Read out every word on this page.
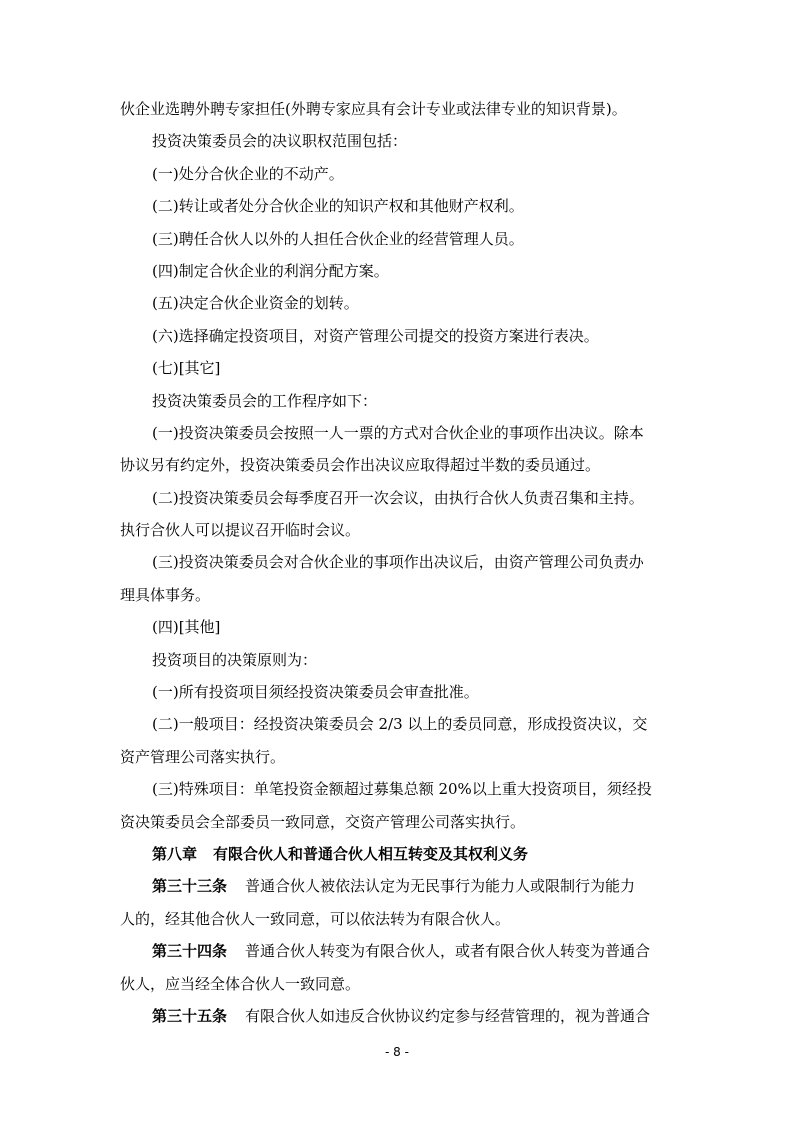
伙企业选聘外聘专家担任(外聘专家应具有会计专业或法律专业的知识背景)。
投资决策委员会的决议职权范围包括：
(一)处分合伙企业的不动产。
(二)转让或者处分合伙企业的知识产权和其他财产权利。
(三)聘任合伙人以外的人担任合伙企业的经营管理人员。
(四)制定合伙企业的利润分配方案。
(五)决定合伙企业资金的划转。
(六)选择确定投资项目，对资产管理公司提交的投资方案进行表决。
(七)[其它]
投资决策委员会的工作程序如下：
(一)投资决策委员会按照一人一票的方式对合伙企业的事项作出决议。除本
协议另有约定外，投资决策委员会作出决议应取得超过半数的委员通过。
(二)投资决策委员会每季度召开一次会议，由执行合伙人负责召集和主持。
执行合伙人可以提议召开临时会议。
(三)投资决策委员会对合伙企业的事项作出决议后，由资产管理公司负责办
理具体事务。
(四)[其他]
投资项目的决策原则为：
(一)所有投资项目须经投资决策委员会审查批准。
(二)一般项目：经投资决策委员会 2/3 以上的委员同意，形成投资决议，交
资产管理公司落实执行。
(三)特殊项目：单笔投资金额超过募集总额 20%以上重大投资项目，须经投
资决策委员会全部委员一致同意，交资产管理公司落实执行。
第八章 有限合伙人和普通合伙人相互转变及其权利义务
第三十三条 普通合伙人被依法认定为无民事行为能力人或限制行为能力
人的，经其他合伙人一致同意，可以依法转为有限合伙人。
第三十四条 普通合伙人转变为有限合伙人，或者有限合伙人转变为普通合
伙人，应当经全体合伙人一致同意。
第三十五条 有限合伙人如违反合伙协议约定参与经营管理的，视为普通合
- 8 -
